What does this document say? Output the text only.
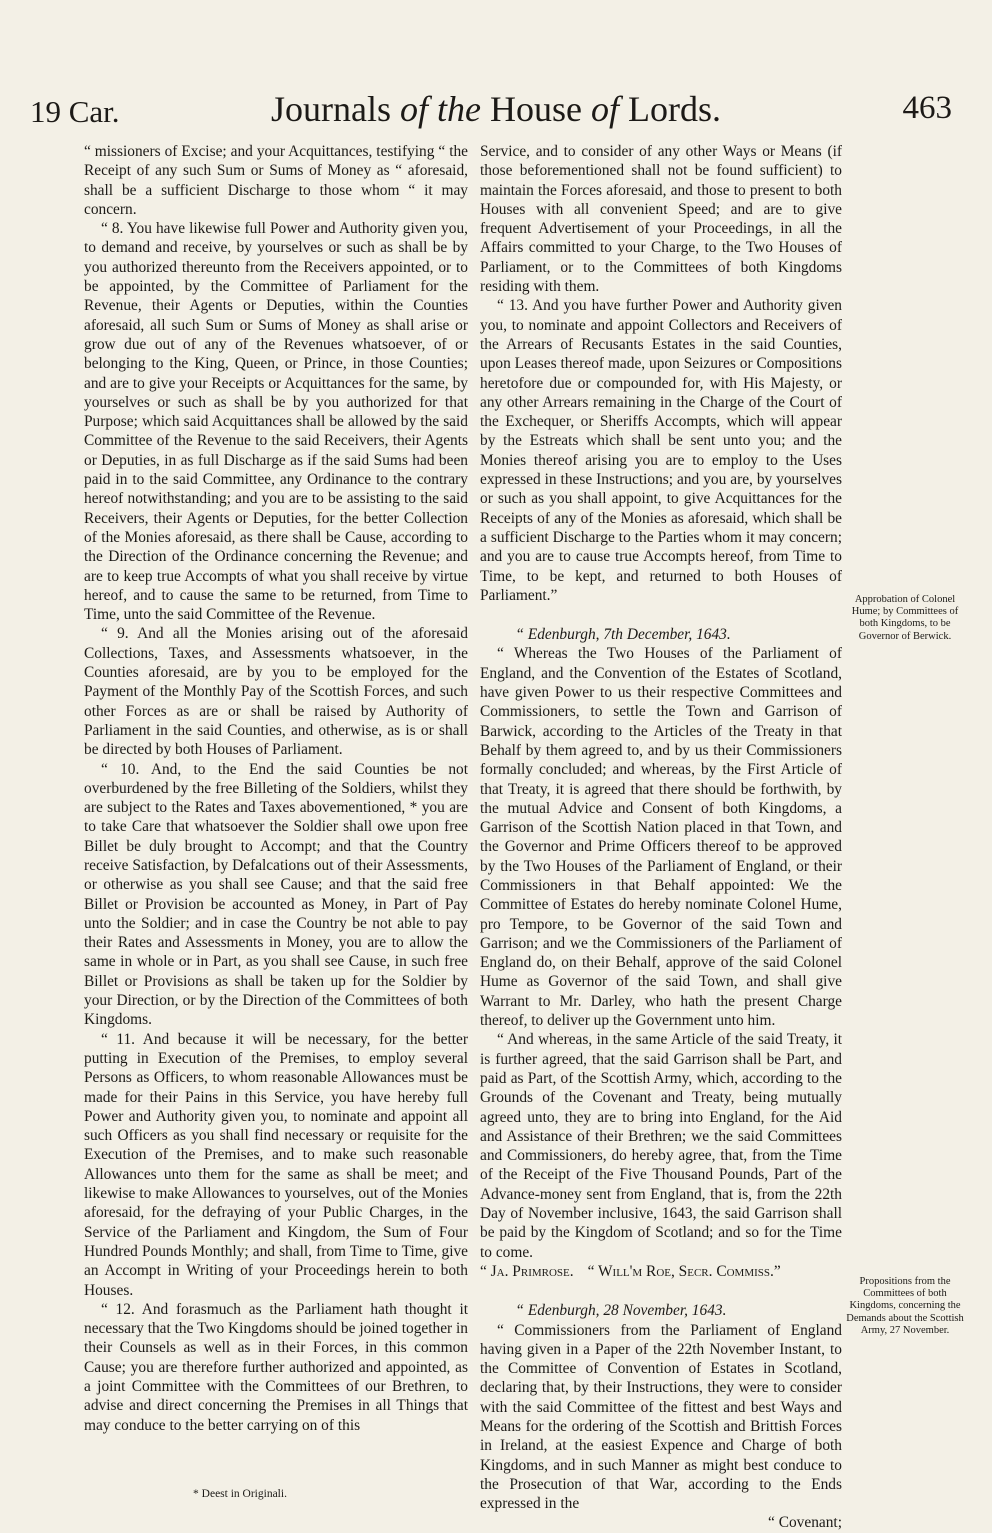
19 Car.	Journals of the House of Lords.	463

“ missioners of Excise; and your Acquittances, testifying “ the Receipt of any such Sum or Sums of Money as “ aforesaid, shall be a sufficient Discharge to those whom “ it may concern.

“ 8. You have likewise full Power and Authority given you, to demand and receive, by yourselves or such as shall be by you authorized thereunto from the Receivers appointed, or to be appointed, by the Committee of Parliament for the Revenue, their Agents or Deputies, within the Counties aforesaid, all such Sum or Sums of Money as shall arise or grow due out of any of the Revenues whatsoever, of or belonging to the King, Queen, or Prince, in those Counties; and are to give your Receipts or Acquittances for the same, by yourselves or such as shall be by you authorized for that Purpose; which said Acquittances shall be allowed by the said Committee of the Revenue to the said Receivers, their Agents or Deputies, in as full Discharge as if the said Sums had been paid in to the said Committee, any Ordinance to the contrary hereof notwithstanding; and you are to be assisting to the said Receivers, their Agents or Deputies, for the better Collection of the Monies aforesaid, as there shall be Cause, according to the Direction of the Ordinance concerning the Revenue; and are to keep true Accompts of what you shall receive by virtue hereof, and to cause the same to be returned, from Time to Time, unto the said Committee of the Revenue.

“ 9. And all the Monies arising out of the aforesaid Collections, Taxes, and Assessments whatsoever, in the Counties aforesaid, are by you to be employed for the Payment of the Monthly Pay of the Scottish Forces, and such other Forces as are or shall be raised by Authority of Parliament in the said Counties, and otherwise, as is or shall be directed by both Houses of Parliament.

“ 10. And, to the End the said Counties be not overburdened by the free Billeting of the Soldiers, whilst they are subject to the Rates and Taxes abovementioned, * you are to take Care that whatsoever the Soldier shall owe upon free Billet be duly brought to Accompt; and that the Country receive Satisfaction, by Defalcations out of their Assessments, or otherwise as you shall see Cause; and that the said free Billet or Provision be accounted as Money, in Part of Pay unto the Soldier; and in case the Country be not able to pay their Rates and Assessments in Money, you are to allow the same in whole or in Part, as you shall see Cause, in such free Billet or Provisions as shall be taken up for the Soldier by your Direction, or by the Direction of the Committees of both Kingdoms.

“ 11. And because it will be necessary, for the better putting in Execution of the Premises, to employ several Persons as Officers, to whom reasonable Allowances must be made for their Pains in this Service, you have hereby full Power and Authority given you, to nominate and appoint all such Officers as you shall find necessary or requisite for the Execution of the Premises, and to make such reasonable Allowances unto them for the same as shall be meet; and likewise to make Allowances to yourselves, out of the Monies aforesaid, for the defraying of your Public Charges, in the Service of the Parliament and Kingdom, the Sum of Four Hundred Pounds Monthly; and shall, from Time to Time, give an Accompt in Writing of your Proceedings herein to both Houses.

“ 12. And forasmuch as the Parliament hath thought it necessary that the Two Kingdoms should be joined together in their Counsels as well as in their Forces, in this common Cause; you are therefore further authorized and appointed, as a joint Committee with the Committees of our Brethren, to advise and direct concerning the Premises in all Things that may conduce to the better carrying on of this

* Deest in Originali.

Service, and to consider of any other Ways or Means (if those beforementioned shall not be found sufficient) to maintain the Forces aforesaid, and those to present to both Houses with all convenient Speed; and are to give frequent Advertisement of your Proceedings, in all the Affairs committed to your Charge, to the Two Houses of Parliament, or to the Committees of both Kingdoms residing with them.

“ 13. And you have further Power and Authority given you, to nominate and appoint Collectors and Receivers of the Arrears of Recusants Estates in the said Counties, upon Leases thereof made, upon Seizures or Compositions heretofore due or compounded for, with His Majesty, or any other Arrears remaining in the Charge of the Court of the Exchequer, or Sheriffs Accompts, which will appear by the Estreats which shall be sent unto you; and the Monies thereof arising you are to employ to the Uses expressed in these Instructions; and you are, by yourselves or such as you shall appoint, to give Acquittances for the Receipts of any of the Monies as aforesaid, which shall be a sufficient Discharge to the Parties whom it may concern; and you are to cause true Accompts hereof, from Time to Time, to be kept, and returned to both Houses of Parliament.”

“ Edenburgh, 7th December, 1643.

“ Whereas the Two Houses of the Parliament of England, and the Convention of the Estates of Scotland, have given Power to us their respective Committees and Commissioners, to settle the Town and Garrison of Barwick, according to the Articles of the Treaty in that Behalf by them agreed to, and by us their Commissioners formally concluded; and whereas, by the First Article of that Treaty, it is agreed that there should be forthwith, by the mutual Advice and Consent of both Kingdoms, a Garrison of the Scottish Nation placed in that Town, and the Governor and Prime Officers thereof to be approved by the Two Houses of the Parliament of England, or their Commissioners in that Behalf appointed: We the Committee of Estates do hereby nominate Colonel Hume, pro Tempore, to be Governor of the said Town and Garrison; and we the Commissioners of the Parliament of England do, on their Behalf, approve of the said Colonel Hume as Governor of the said Town, and shall give Warrant to Mr. Darley, who hath the present Charge thereof, to deliver up the Government unto him.

“ And whereas, in the same Article of the said Treaty, it is further agreed, that the said Garrison shall be Part, and paid as Part, of the Scottish Army, which, according to the Grounds of the Covenant and Treaty, being mutually agreed unto, they are to bring into England, for the Aid and Assistance of their Brethren; we the said Committees and Commissioners, do hereby agree, that, from the Time of the Receipt of the Five Thousand Pounds, Part of the Advance-money sent from England, that is, from the 22th Day of November inclusive, 1643, the said Garrison shall be paid by the Kingdom of Scotland; and so for the Time to come.

“ Ja. Primrose. “ Will'm Roe, Secr. Commiss.”

“ Edenburgh, 28 November, 1643.

“ Commissioners from the Parliament of England having given in a Paper of the 22th November Instant, to the Committee of Convention of Estates in Scotland, declaring that, by their Instructions, they were to consider with the said Committee of the fittest and best Ways and Means for the ordering of the Scottish and Brittish Forces in Ireland, at the easiest Expence and Charge of both Kingdoms, and in such Manner as might best conduce to the Prosecution of that War, according to the Ends expressed in the

“ Covenant;

Approbation of Colonel Hume; by Committees of both Kingdoms, to be Governor of Berwick.
Propositions from the Committees of both Kingdoms, concerning the Demands about the Scottish Army, 27 November.
